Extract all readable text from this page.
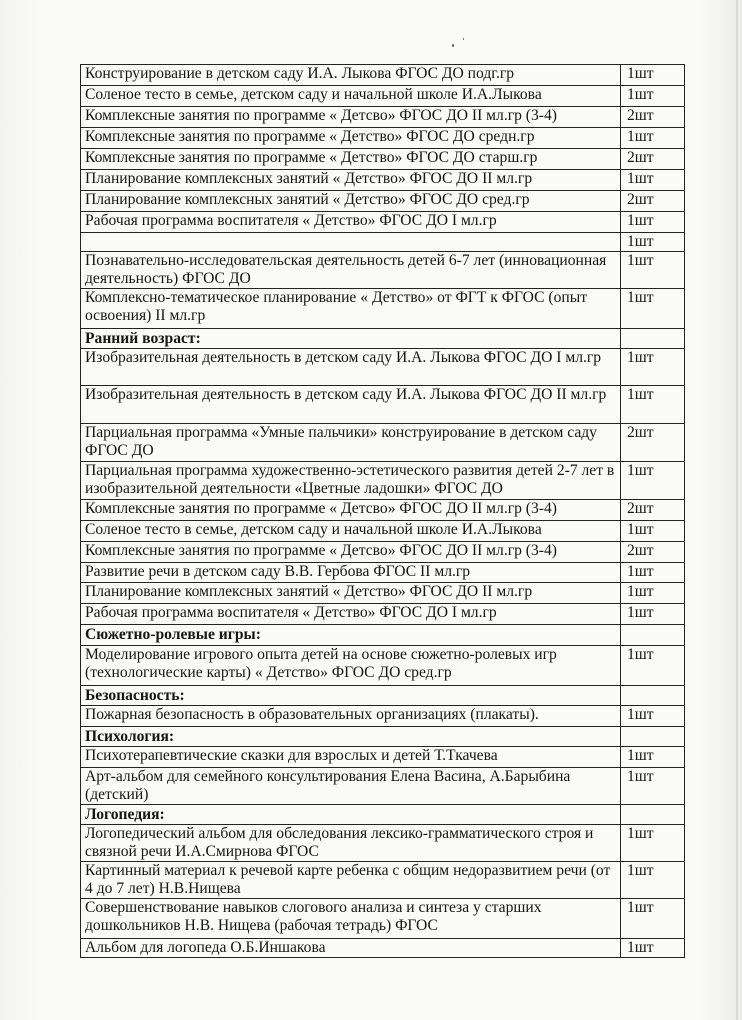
Конструирование в детском саду И.А. Лыкова ФГОС ДО подг.гр	1шт
Соленое тесто в семье, детском саду и начальной школе И.А.Лыкова	1шт
Комплексные занятия по программе « Детсво» ФГОС ДО II мл.гр (3-4)	2шт
Комплексные занятия по программе « Детство» ФГОС ДО средн.гр	1шт
Комплексные занятия по программе « Детство» ФГОС ДО старш.гр	2шт
Планирование комплексных занятий « Детство» ФГОС ДО II мл.гр	1шт
Планирование комплексных занятий « Детство» ФГОС ДО сред.гр	2шт
Рабочая программа воспитателя « Детство» ФГОС ДО I мл.гр	1шт
	1шт
Познавательно-исследовательская деятельность детей 6-7 лет (инновационная деятельность) ФГОС ДО	1шт
Комплексно-тематическое планирование « Детство» от ФГТ к ФГОС (опыт освоения) II мл.гр	1шт
Ранний возраст:	
Изобразительная деятельность в детском саду И.А. Лыкова ФГОС ДО I мл.гр	1шт
Изобразительная деятельность в детском саду И.А. Лыкова ФГОС ДО II мл.гр	1шт
Парциальная программа «Умные пальчики» конструирование в детском саду ФГОС ДО	2шт
Парциальная программа художественно-эстетического развития детей 2-7 лет в изобразительной деятельности «Цветные ладошки» ФГОС ДО	1шт
Комплексные занятия по программе « Детсво» ФГОС ДО II мл.гр (3-4)	2шт
Соленое тесто в семье, детском саду и начальной школе И.А.Лыкова	1шт
Комплексные занятия по программе « Детсво» ФГОС ДО II мл.гр (3-4)	2шт
Развитие речи в детском саду В.В. Гербова ФГОС II мл.гр	1шт
Планирование комплексных занятий « Детство» ФГОС ДО II мл.гр	1шт
Рабочая программа воспитателя « Детство» ФГОС ДО I мл.гр	1шт
Сюжетно-ролевые игры:	
Моделирование игрового опыта детей на основе сюжетно-ролевых игр (технологические карты) « Детство» ФГОС ДО сред.гр	1шт
Безопасность:	
Пожарная безопасность в образовательных организациях (плакаты).	1шт
Психология:	
Психотерапевтические сказки для взрослых и детей Т.Ткачева	1шт
Арт-альбом для семейного консультирования Елена Васина, А.Барыбина (детский)	1шт
Логопедия:	
Логопедический альбом для обследования лексико-грамматического строя и связной речи И.А.Смирнова ФГОС	1шт
Картинный материал к речевой карте ребенка с общим недоразвитием речи (от 4 до 7 лет) Н.В.Нищева	1шт
Совершенствование навыков слогового анализа и синтеза у старших дошкольников Н.В. Нищева (рабочая тетрадь) ФГОС	1шт
Альбом для логопеда О.Б.Иншакова	1шт
